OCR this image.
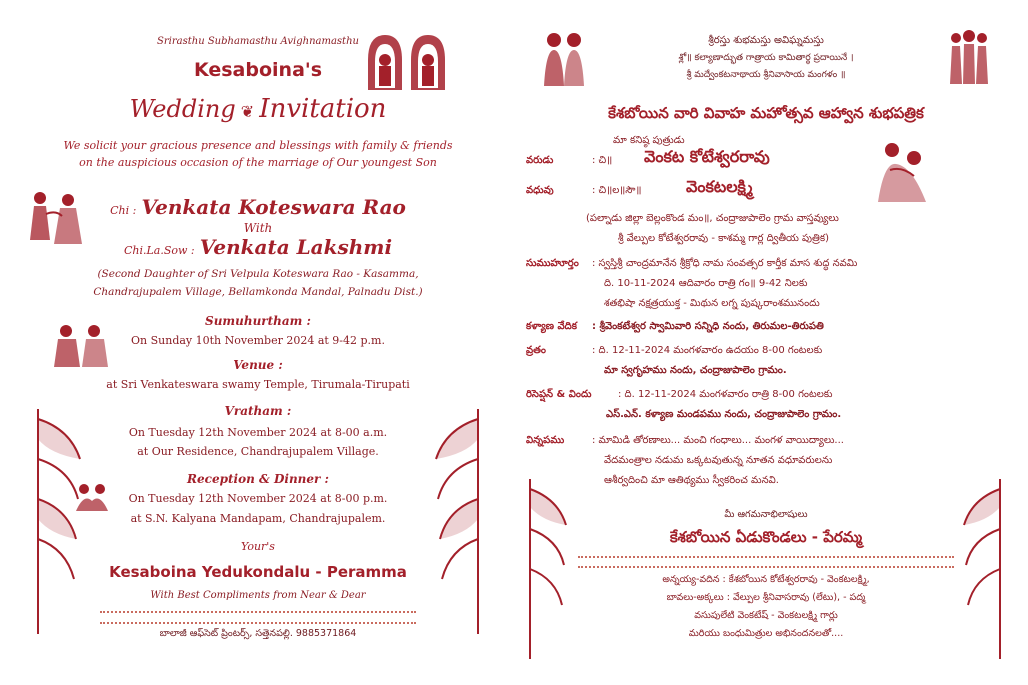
Srirasthu Subhamasthu Avighnamasthu
Kesaboina's
Wedding ❦ Invitation
We solicit your gracious presence and blessings with family & friends
on the auspicious occasion of the marriage of Our youngest Son
Chi : Venkata Koteswara Rao
With
Chi.La.Sow : Venkata Lakshmi
(Second Daughter of Sri Velpula Koteswara Rao - Kasamma,
Chandrajupalem Village, Bellamkonda Mandal, Palnadu Dist.)
Sumuhurtham :
On Sunday 10th November 2024 at 9-42 p.m.
Venue :
at Sri Venkateswara swamy Temple, Tirumala-Tirupati
Vratham :
On Tuesday 12th November 2024 at 8-00 a.m.
at Our Residence, Chandrajupalem Village.
Reception & Dinner :
On Tuesday 12th November 2024 at 8-00 p.m.
at S.N. Kalyana Mandapam, Chandrajupalem.
Your's
Kesaboina Yedukondalu - Peramma
With Best Compliments from Near & Dear
బాలాజీ ఆఫ్‌సెట్ ప్రింటర్స్, సత్తెనపల్లి. 9885371864
శ్రీరస్తు శుభమస్తు అవిఘ్నమస్తు
శ్లో॥ కల్యాణాద్భుత గాత్రాయ కామితార్థ ప్రదాయినే ।
శ్రీ మద్వేంకటనాథాయ శ్రీనివాసాయ మంగళం ॥
కేశబోయిన వారి వివాహ మహోత్సవ ఆహ్వాన శుభపత్రిక
మా కనిష్ఠ పుత్రుడు
వరుడు	: చి॥ వెంకట కోటేశ్వరరావు
వధువు	: చి॥ల॥సౌ॥	వెంకటలక్ష్మి
(పల్నాడు జిల్లా బెల్లంకొండ మం॥, చంద్రాజుపాలెం గ్రామ వాస్తవ్యులు
శ్రీ వేల్పుల కోటేశ్వరరావు - కాశమ్మ గార్ల ద్వితీయ పుత్రిక)
సుముహూర్తం : స్వస్తిశ్రీ చాంద్రమానేన శ్రీక్రోధి నామ సంవత్సర కార్తీక మాస శుద్ధ నవమి
ది. 10-11-2024 ఆదివారం రాత్రి గం॥ 9-42 నిలకు
శతభిషా నక్షత్రయుక్త - మిథున లగ్న పుష్కరాంశమునందు
కళ్యాణ వేదిక : శ్రీవెంకటేశ్వర స్వామివారి సన్నిధి నందు, తిరుమల-తిరుపతి
వ్రతం	: ది. 12-11-2024 మంగళవారం ఉదయం 8-00 గంటలకు
మా స్వగృహము నందు, చంద్రాజుపాలెం గ్రామం.
రిసెప్షన్ & విందు	: ది. 12-11-2024 మంగళవారం రాత్రి 8-00 గంటలకు
ఎస్.ఎన్. కళ్యాణ మండపము నందు, చంద్రాజుపాలెం గ్రామం.
విన్నపము	: మామిడి తోరణాలు... మంచి గంధాలు... మంగళ వాయిద్యాలు...
వేదమంత్రాల నడుమ ఒక్కటవుతున్న నూతన వధూవరులను
ఆశీర్వదించి మా ఆతిథ్యము స్వీకరించ మనవి.
మీ ఆగమనాభిలాషులు
కేశబోయిన ఏడుకొండలు - పేరమ్మ
అన్నయ్య-వదిన : కేశబోయిన కోటేశ్వరరావు - వెంకటలక్ష్మి,
బావలు-అక్కలు : వేల్పుల శ్రీనివాసరావు (లేటు), - పద్మ
వసుపులేటి వెంకటేష్ - వెంకటలక్ష్మి గార్లు
మరియు బంధుమిత్రుల అభినందనలతో....
